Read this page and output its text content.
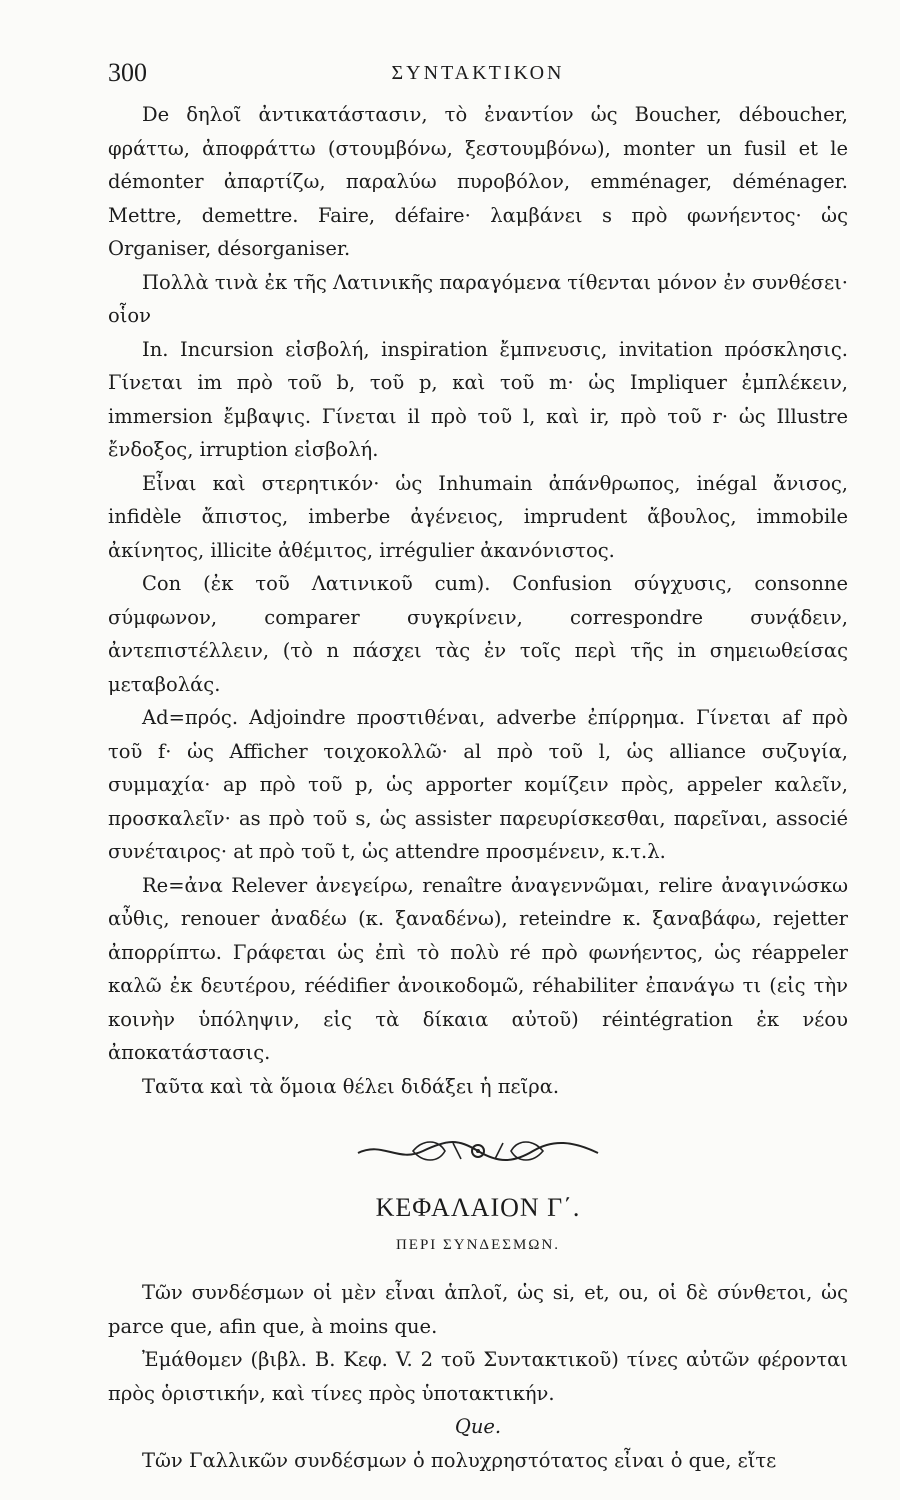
300	ΣΥΝΤΑΚΤΙΚΟΝ

De δηλοῖ ἀντικατάστασιν, τὸ ἐναντίον ὡς Boucher, déboucher, φράττω, ἀποφράττω (στουμβόνω, ξεστουμβόνω), monter un fusil et le démonter ἀπαρτίζω, παραλύω πυροβόλον, emménager, déménager. Mettre, demettre. Faire, défaire· λαμβάνει s πρὸ φωνήεντος· ὡς Organiser, désorganiser.

Πολλὰ τινὰ ἐκ τῆς Λατινικῆς παραγόμενα τίθενται μόνον ἐν συνθέσει· οἷον

In. Incursion εἰσβολή, inspiration ἔμπνευσις, invitation πρόσκλησις. Γίνεται im πρὸ τοῦ b, τοῦ p, καὶ τοῦ m· ὡς Impliquer ἐμπλέκειν, immersion ἔμβαψις. Γίνεται il πρὸ τοῦ l, καὶ ir, πρὸ τοῦ r· ὡς Illustre ἔνδοξος, irruption εἰσβολή.

Εἶναι καὶ στερητικόν· ὡς Inhumain ἀπάνθρωπος, inégal ἄνισος, infidèle ἄπιστος, imberbe ἀγένειος, imprudent ἄβουλος, immobile ἀκίνητος, illicite ἀθέμιτος, irrégulier ἀκανόνιστος.

Con (ἐκ τοῦ Λατινικοῦ cum). Confusion σύγχυσις, consonne σύμφωνον, comparer συγκρίνειν, correspondre συνᾴδειν, ἀντεπιστέλλειν, (τὸ n πάσχει τὰς ἐν τοῖς περὶ τῆς in σημειωθείσας μεταβολάς.

Ad=πρός. Adjoindre προστιθέναι, adverbe ἐπίρρημα. Γίνεται af πρὸ τοῦ f· ὡς Afficher τοιχοκολλῶ· al πρὸ τοῦ l, ὡς alliance συζυγία, συμμαχία· ap πρὸ τοῦ p, ὡς apporter κομίζειν πρὸς, appeler καλεῖν, προσκαλεῖν· as πρὸ τοῦ s, ὡς assister παρευρίσκεσθαι, παρεῖναι, associé συνέταιρος· at πρὸ τοῦ t, ὡς attendre προσμένειν, κ.τ.λ.

Re=ἀνα Relever ἀνεγείρω, renaître ἀναγεννῶμαι, relire ἀναγινώσκω αὖθις, renouer ἀναδέω (κ. ξαναδένω), reteindre κ. ξαναβάφω, rejetter ἀπορρίπτω. Γράφεται ὡς ἐπὶ τὸ πολὺ ré πρὸ φωνήεντος, ὡς réappeler καλῶ ἐκ δευτέρου, réédifier ἀνοικοδομῶ, réhabiliter ἐπανάγω τι (εἰς τὴν κοινὴν ὑπόληψιν, εἰς τὰ δίκαια αὐτοῦ) réintégration ἐκ νέου ἀποκατάστασις.

Ταῦτα καὶ τὰ ὅμοια θέλει διδάξει ἡ πεῖρα.

ΚΕΦΑΛΑΙΟΝ Γ΄.
ΠΕΡΙ ΣΥΝΔΕΣΜΩΝ.

Τῶν συνδέσμων οἱ μὲν εἶναι ἁπλοῖ, ὡς si, et, ou, οἱ δὲ σύνθετοι, ὡς parce que, afin que, à moins que.

Ἐμάθομεν (βιβλ. Β. Κεφ. V. 2 τοῦ Συντακτικοῦ) τίνες αὐτῶν φέρονται πρὸς ὁριστικήν, καὶ τίνες πρὸς ὑποτακτικήν.

Que.

Τῶν Γαλλικῶν συνδέσμων ὁ πολυχρηστότατος εἶναι ὁ que, εἴτε
